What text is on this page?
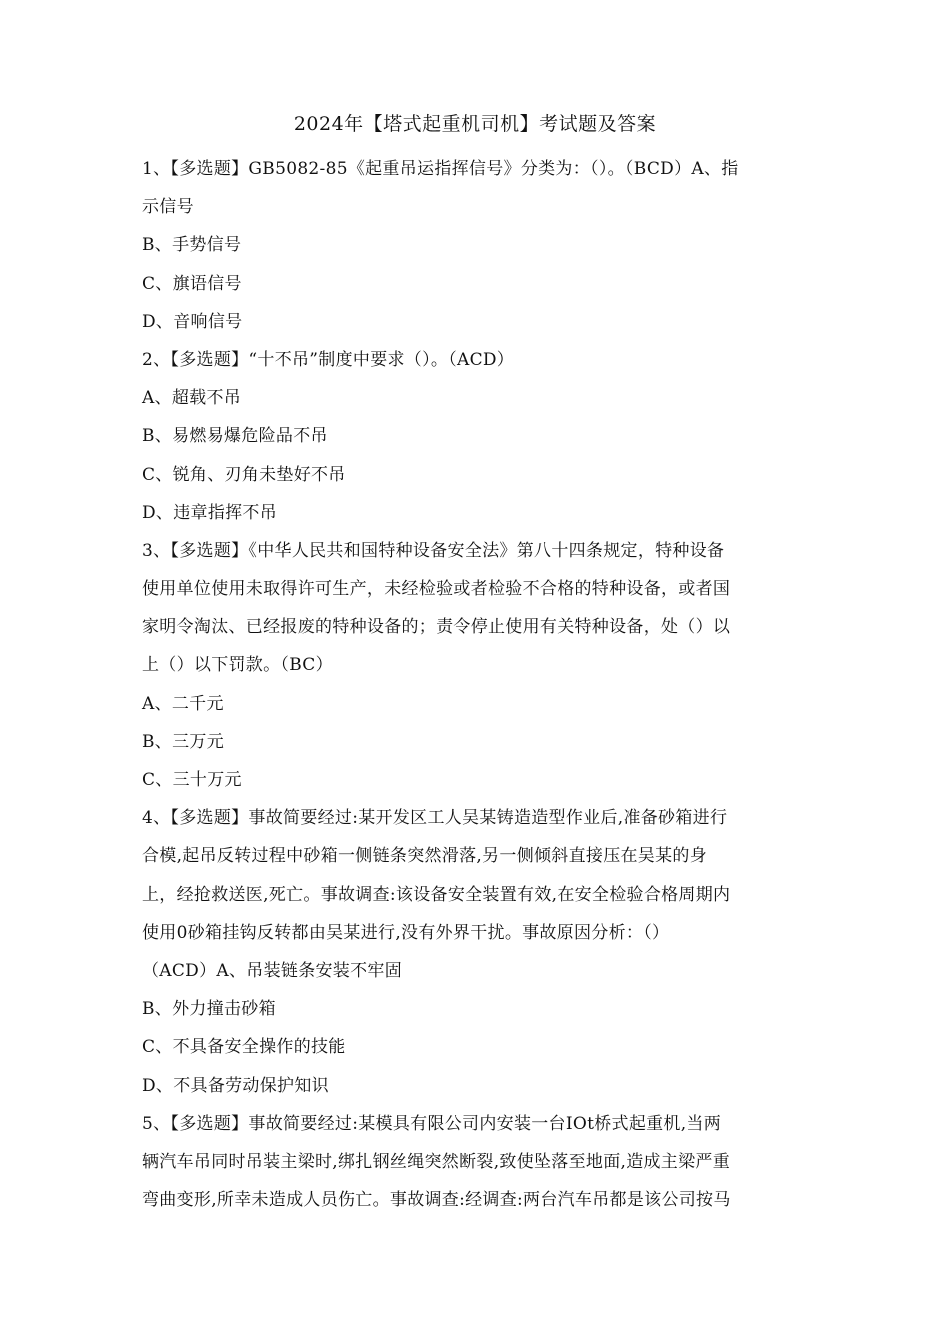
2024年【塔式起重机司机】考试题及答案
1、【多选题】GB5082-85《起重吊运指挥信号》分类为：（）。（BCD）A、指
示信号
B、手势信号
C、旗语信号
D、音响信号
2、【多选题】“十不吊”制度中要求（）。（ACD）
A、超载不吊
B、易燃易爆危险品不吊
C、锐角、刃角未垫好不吊
D、违章指挥不吊
3、【多选题】《中华人民共和国特种设备安全法》第八十四条规定，特种设备
使用单位使用未取得许可生产，未经检验或者检验不合格的特种设备，或者国
家明令淘汰、已经报废的特种设备的；责令停止使用有关特种设备，处（）以
上（）以下罚款。（BC）
A、二千元
B、三万元
C、三十万元
4、【多选题】事故简要经过:某开发区工人吴某铸造造型作业后,准备砂箱进行
合模,起吊反转过程中砂箱一侧链条突然滑落,另一侧倾斜直接压在吴某的身
上，经抢救送医,死亡。事故调查:该设备安全装置有效,在安全检验合格周期内
使用0砂箱挂钩反转都由吴某进行,没有外界干扰。事故原因分析：（）
（ACD）A、吊装链条安装不牢固
B、外力撞击砂箱
C、不具备安全操作的技能
D、不具备劳动保护知识
5、【多选题】事故简要经过:某模具有限公司内安装一台IOt桥式起重机,当两
辆汽车吊同时吊装主梁时,绑扎钢丝绳突然断裂,致使坠落至地面,造成主梁严重
弯曲变形,所幸未造成人员伤亡。事故调查:经调查:两台汽车吊都是该公司按马
